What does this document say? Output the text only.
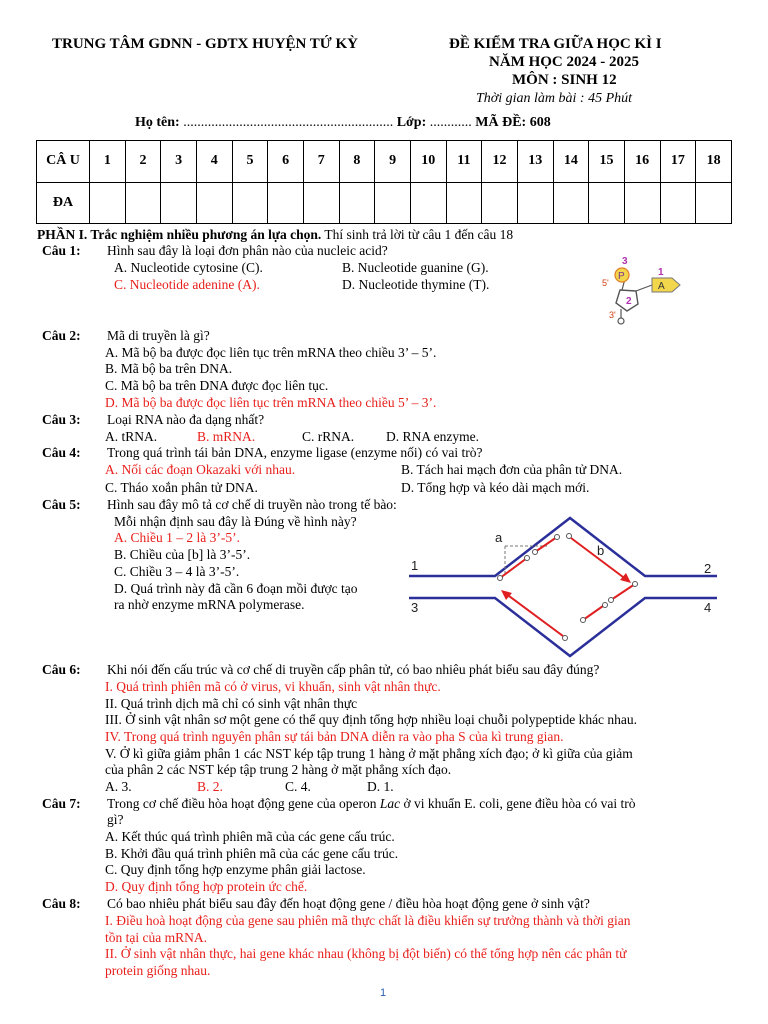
TRUNG TÂM GDNN - GDTX HUYỆN TỨ KỲ	ĐỀ KIỂM TRA GIỮA HỌC KÌ I
NĂM HỌC 2024 - 2025
MÔN : SINH 12
Thời gian làm bài : 45 Phút
Họ tên: ............................................................ Lớp: ............ MÃ ĐỀ: 608
CÂ U	1	2	3	4	5	6	7	8	9	10	11	12	13	14	15	16	17	18
ĐA																		
PHẦN I. Trắc nghiệm nhiều phương án lựa chọn. Thí sinh trả lời từ câu 1 đến câu 18
Câu 1: Hình sau đây là loại đơn phân nào của nucleic acid?
A. Nucleotide cytosine (C).	B. Nucleotide guanine (G).
C. Nucleotide adenine (A).	D. Nucleotide thymine (T).
P
3
1
2
A
5'
3'
Câu 2: Mã di truyền là gì?
A. Mã bộ ba được đọc liên tục trên mRNA theo chiều 3’ – 5’.
B. Mã bộ ba trên DNA.
C. Mã bộ ba trên DNA được đọc liên tục.
D. Mã bộ ba được đọc liên tục trên mRNA theo chiều 5’ – 3’.
Câu 3: Loại RNA nào đa dạng nhất?
A. tRNA.	B. mRNA.	C. rRNA. D. RNA enzyme.
Câu 4: Trong quá trình tái bản DNA, enzyme ligase (enzyme nối) có vai trò?
A. Nối các đoạn Okazaki với nhau.	B. Tách hai mạch đơn của phân tử DNA.
C. Tháo xoắn phân tử DNA.	D. Tổng hợp và kéo dài mạch mới.
Câu 5: Hình sau đây mô tả cơ chế di truyền nào trong tế bào:
Mỗi nhận định sau đây là Đúng về hình này?
A. Chiều 1 – 2 là 3’-5’.
B. Chiều của [b] là 3’-5’.
C. Chiều 3 – 4 là 3’-5’.
D. Quá trình này đã cần 6 đoạn mồi được tạo
ra nhờ enzyme mRNA polymerase.
a
b
1	2
3	4
Câu 6: Khi nói đến cấu trúc và cơ chế di truyền cấp phân tử, có bao nhiêu phát biểu sau đây đúng?
I. Quá trình phiên mã có ở virus, vi khuẩn, sinh vật nhân thực.
II. Quá trình dịch mã chỉ có sinh vật nhân thực
III. Ở sinh vật nhân sơ một gene có thể quy định tổng hợp nhiều loại chuỗi polypeptide khác nhau.
IV. Trong quá trình nguyên phân sự tái bản DNA diễn ra vào pha S của kì trung gian.
V. Ở kì giữa giảm phân 1 các NST kép tập trung 1 hàng ở mặt phẳng xích đạo; ở kì giữa của giảm
của phân 2 các NST kép tập trung 2 hàng ở mặt phẳng xích đạo.
A. 3.	B. 2.	C. 4.	D. 1.
Câu 7: Trong cơ chế điều hòa hoạt động gene của operon Lac ở vi khuẩn E. coli, gene điều hòa có vai trò
gì?
A. Kết thúc quá trình phiên mã của các gene cấu trúc.
B. Khởi đầu quá trình phiên mã của các gene cấu trúc.
C. Quy định tổng hợp enzyme phân giải lactose.
D. Quy định tổng hợp protein ức chế.
Câu 8: Có bao nhiêu phát biểu sau đây đến hoạt động gene / điều hòa hoạt động gene ở sinh vật?
I. Điều hoà hoạt động của gene sau phiên mã thực chất là điều khiển sự trưởng thành và thời gian
tồn tại của mRNA.
II. Ở sinh vật nhân thực, hai gene khác nhau (không bị đột biến) có thể tổng hợp nên các phân tử
protein giống nhau.
1
